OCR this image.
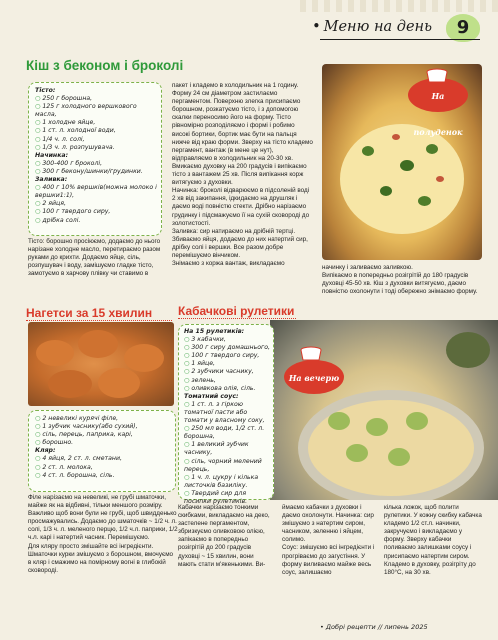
• Меню на день	9
Кіш з беконом і броколі
Тісто:
○ 250 г борошна,
○ 125 г холодного вершкового масла,
○ 1 холодне яйце,
○ 1 ст. л. холодної води,
○ 1/4 ч. л. солі,
○ 1/3 ч. л. розпушувача.
Начинка:
○ 300-400 г броколі,
○ 300 г бекону/шинки/грудинки.
Заливка:
○ 400 г 10% вершків(можна молоко і вершки1:1),
○ 2 яйця,
○ 100 г твердого сиру,
○ дрібка солі.
Тісто: борошно просіюємо, додаємо до нього нарізане холодне масло, перетираємо разом руками до крихти. Додаємо яйце, сіль, розпушувач і воду, замішуємо гладке тісто, замотуємо в харчову плівку чи ставимо в
пакет і кладемо в холодильник на 1 годину.
Форму 24 см діаметром застилаємо пергаментом. Поверхню злегка присипаємо борошном, розкатуємо тісто, і з допомогою скалки переносимо його на форму. Тісто рівномірно розподіляємо і формі і робимо високі бортики, бортик має бути на пальця нижче від краю форми. Зверху на тісто кладемо пергамент, вантаж (в мене це нут), відправляємо в холодильник на 20-30 хв. Вмикаємо духовку на 200 градусів і випікаємо тісто з вантажем 25 хв. Після випікання корж витягуємо з духовки.
Начинка: броколі відварюємо в підсоленій воді 2 хв від закипання, ідкидаємо на друшляк і даємо воді повністю стекти. Дрібно нарізаємо грудинку і підсмажуємо її на сухій сковороді до золотистості.
Заливка: сир натираємо на дрібній тертці. Збиваємо яйця, додаємо до них натертий сир, дрібку солі і вершки. Все разом добре перемішуємо вінчиком.
Знімаємо з коржа вантаж, викладаємо
На полуденок
начинку і заливаємо заливкою.
Випікаємо в попередньо розігрітій до 180 градусів духовці 45-50 хв. Кіш з духовки витягуємо, даємо повністю охолонути і тоді обережно знімаємо форму.
Нагетси за 15 хвилин
○ 2 невеликі курячі філе,
○ 1 зубчик часнику(або сухий),
○ сіль, перець, паприка, карі,
○ борошно.
Кляр:
○ 4 яйця, 2 ст. л. сметани,
○ 2 ст. л. молока,
○ 4 ст. л. борошна, сіль.
Філе нарізаємо на невеликі, не грубі шматочки, майже як на відбивні, тільки меншого розміру. Важливо щоб вони були не грубі, щоб швидденько просмажувались. Додаємо до шматочків ~ 1/2 ч. л. солі, 1/3 ч. л. меленого перцю, 1/2 ч.л. паприки, 1/2 ч.л. карі і натертий часник. Перемішуємо.
Для кляру просто змішайте всі інгредієнти. Шматочки курки змішуємо з борошном, вмочуємо в кляр і смажимо на помірному вогні в глибокій сковороді.
Кабачкові рулетики
На вечерю
На 15 рулетиків:
○ 3 кабачки,
○ 300 г сиру домашнього,
○ 100 г твердого сиру,
○ 1 яйце,
○ 2 зубчики часнику,
○ зелень,
○ оливкова олія, сіль.
Томатний соус:
○ 1 ст. л. з гіркою томатної пасти або томати у власному соку,
○ 250 мл води, 1/2 ст. л. борошна,
○ 1 великий зубчик часнику,
○ сіль, чорний мелений перець,
○ 1 ч. л. цукру і кілька листочків базиліку.
○ Твердий сир для посипки рулетиків.
Кабачки нарізаємо тонкими скибками, викладаємо на деко, застелене пергаментом, збризкуємо оливковою олією, запікаємо в попередньо розігрітій до 200 градусів духовці ~ 15 хвилин, вони мають стати м'якенькими. Ви-
ймаємо кабачки з духовки і даємо охолонути. Начинка: сир змішуємо з натертим сиром, часником, зеленню і яйцем, солимо.
Соус: змішуємо всі інгредієнти і прогріваємо до загустіння. У форму виливаємо майже весь соус, залишаємо
кілька ложок, щоб полити рулетики. У кожну скибку кабачка кладемо 1/2 ст.л. начинки, закручуємо і викладаємо у форму. Зверху кабачки поливаємо залишками соусу і присипаємо натертим сиром. Кладемо в духовку, розігріту до 180°С, на 30 хв.
• Добрі рецепти // липень 2025
